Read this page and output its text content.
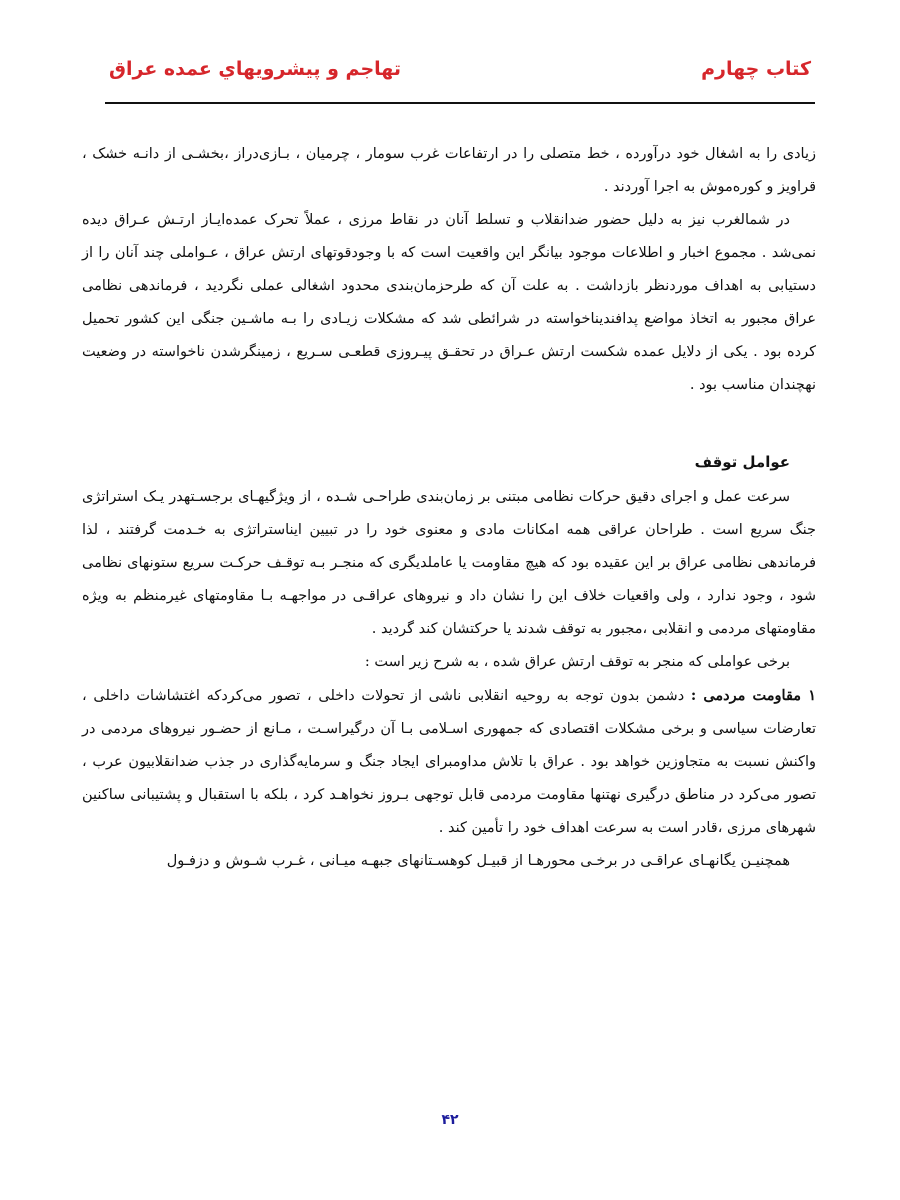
كتاب چهارم
تهاجم و پيشرويهاي عمده عراق

زیادی را به اشغال خود درآورده ، خط متصلی را در ارتفاعات غرب سومار ، چرمیان ، بـازی‌دراز ،بخشـی از دانـه خشک ، قراویز و کوره‌موش به اجرا آوردند .

در شمالغرب نیز به دلیل حضور ضدانقلاب و تسلط آنان در نقاط مرزی ، عملاً تحرک عمده‌ایـاز ارتـش عـراق دیده نمی‌شد . مجموع اخبار و اطلاعات موجود بیانگر این واقعیت است که با وجودقوتهای ارتش عراق ، عـواملی چند آنان را از دستیابی به اهداف موردنظر بازداشت . به علت آن که طرحزمان‌بندی محدود اشغالی عملی نگردید ، فرماندهی نظامی عراق مجبور به اتخاذ مواضع پدافندیناخواسته در شرائطی شد که مشکلات زیـادی را بـه ماشـین جنگی این کشور تحمیل کرده بود . یکی از دلایل عمده شکست ارتش عـراق در تحقـق پیـروزی قطعـی سـریع ، زمینگرشدن ناخواسته در وضعیت نهچندان مناسب بود .

عوامل توقف

سرعت عمل و اجرای دقیق حرکات نظامی مبتنی بر زمان‌بندی طراحـی شـده ، از ویژگیهـای برجسـتهدر یـک استراتژی جنگ سریع است . طراحان عراقی همه امکانات مادی و معنوی خود را در تبیین ایناستراتژی به خـدمت گرفتند ، لذا فرماندهی نظامی عراق بر این عقیده بود که هیچ مقاومت یا عاملدیگری که منجـر بـه توقـف حرکـت سریع ستونهای نظامی شود ، وجود ندارد ، ولی واقعیات خلاف این را نشان داد و نیروهای عراقـی در مواجهـه بـا مقاومتهای غیرمنظم به ویژه مقاومتهای مردمی و انقلابی ،مجبور به توقف شدند یا حرکتشان کند گردید .

برخی عواملی که منجر به توقف ارتش عراق شده ، به شرح زیر است :

۱ مقاومت مردمی : دشمن بدون توجه به روحیه انقلابی ناشی از تحولات داخلی ، تصور می‌کردکه اغتشاشات داخلی ، تعارضات سیاسی و برخی مشکلات اقتصادی که جمهوری اسـلامی بـا آن درگیراسـت ، مـانع از حضـور نیروهای مردمی در واکنش نسبت به متجاوزین خواهد بود . عراق با تلاش مداومبرای ایجاد جنگ و سرمایه‌گذاری در جذب ضدانقلابیون عرب ، تصور می‌کرد در مناطق درگیری نهتنها مقاومت مردمی قابل توجهی بـروز نخواهـد کرد ، بلکه با استقبال و پشتیبانی ساکنین شهرهای مرزی ،قادر است به سرعت اهداف خود را تأمین کند .

همچنیـن یگانهـای عراقـی در برخـی محورهـا از قبیـل کوهسـتانهای جبهـه میـانی ، غـرب شـوش و دزفـول

۴۲
